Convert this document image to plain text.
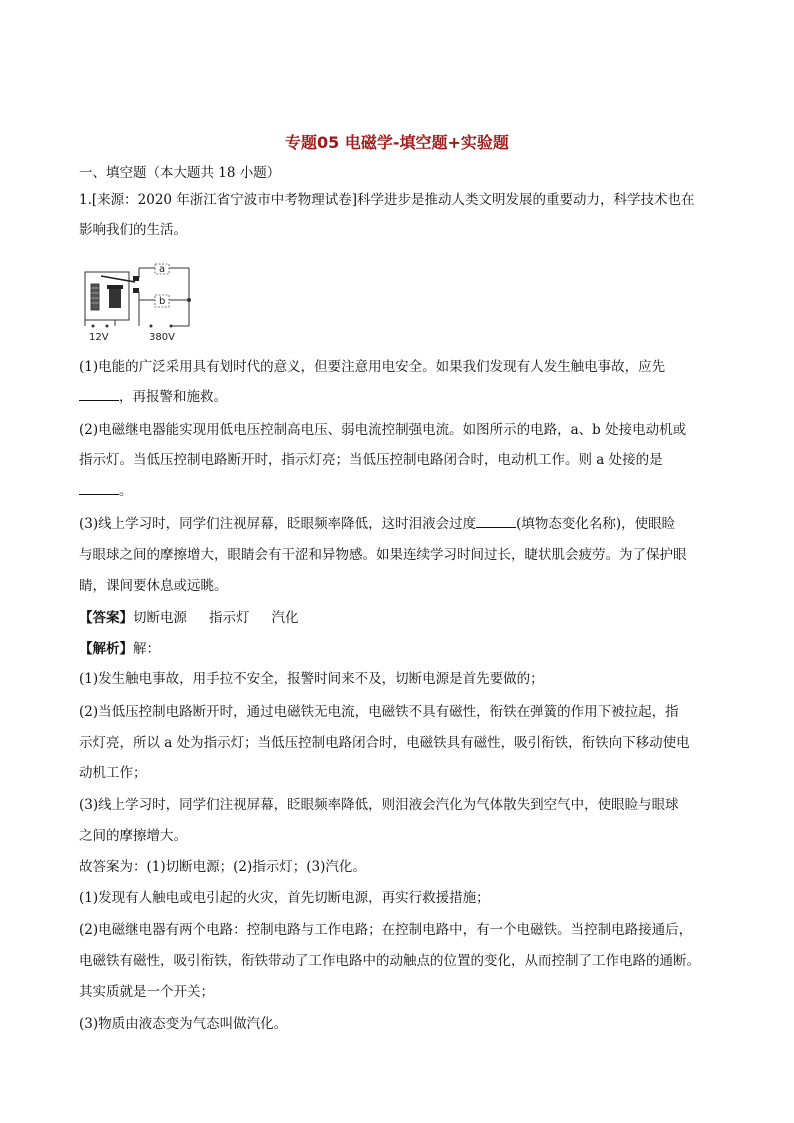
专题05 电磁学-填空题+实验题
一、填空题（本大题共 18 小题）
1.[来源：2020 年浙江省宁波市中考物理试卷]科学进步是推动人类文明发展的重要动力，科学技术也在
影响我们的生活。
a
b
12V	380V
(1)电能的广泛采用具有划时代的意义，但要注意用电安全。如果我们发现有人发生触电事故，应先
，再报警和施救。
(2)电磁继电器能实现用低电压控制高电压、弱电流控制强电流。如图所示的电路，a、b 处接电动机或
指示灯。当低压控制电路断开时，指示灯亮；当低压控制电路闭合时，电动机工作。则 a 处接的是
。
(3)线上学习时，同学们注视屏幕，眨眼频率降低，这时泪液会过度	(填物态变化名称)，使眼睑
与眼球之间的摩擦增大，眼睛会有干涩和异物感。如果连续学习时间过长，睫状肌会疲劳。为了保护眼
睛，课间要休息或远眺。
【答案】切断电源 指示灯 汽化
【解析】解：
(1)发生触电事故，用手拉不安全，报警时间来不及，切断电源是首先要做的；
(2)当低压控制电路断开时，通过电磁铁无电流，电磁铁不具有磁性，衔铁在弹簧的作用下被拉起，指
示灯亮，所以 a 处为指示灯；当低压控制电路闭合时，电磁铁具有磁性，吸引衔铁，衔铁向下移动使电
动机工作；
(3)线上学习时，同学们注视屏幕，眨眼频率降低，则泪液会汽化为气体散失到空气中，使眼睑与眼球
之间的摩擦增大。
故答案为：(1)切断电源；(2)指示灯；(3)汽化。
(1)发现有人触电或电引起的火灾，首先切断电源，再实行救援措施；
(2)电磁继电器有两个电路：控制电路与工作电路；在控制电路中，有一个电磁铁。当控制电路接通后，
电磁铁有磁性，吸引衔铁，衔铁带动了工作电路中的动触点的位置的变化，从而控制了工作电路的通断。
其实质就是一个开关；
(3)物质由液态变为气态叫做汽化。
